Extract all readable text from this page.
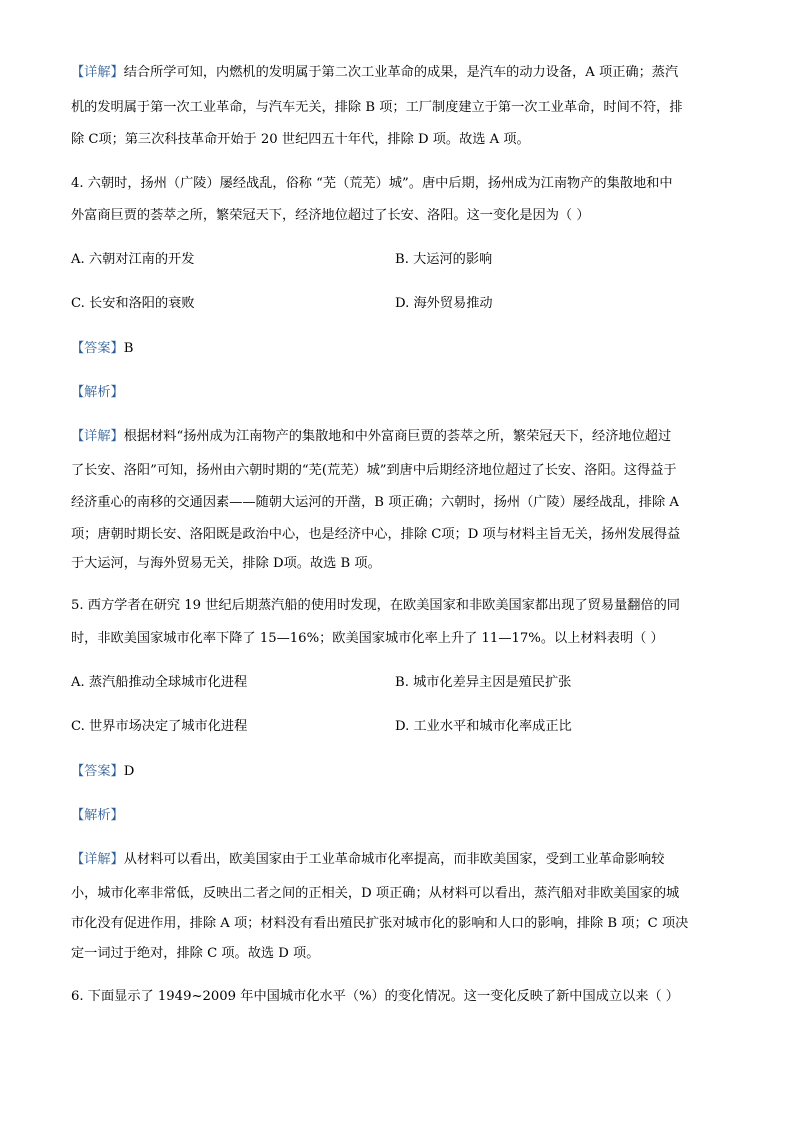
【详解】结合所学可知，内燃机的发明属于第二次工业革命的成果，是汽车的动力设备，A 项正确；蒸汽
机的发明属于第一次工业革命，与汽车无关，排除 B 项；工厂制度建立于第一次工业革命，时间不符，排
除 C项；第三次科技革命开始于 20 世纪四五十年代，排除 D 项。故选 A 项。
4. 六朝时，扬州（广陵）屡经战乱，俗称 “芜（荒芜）城”。唐中后期，扬州成为江南物产的集散地和中
外富商巨贾的荟萃之所，繁荣冠天下，经济地位超过了长安、洛阳。这一变化是因为（ ）
A. 六朝对江南的开发	B. 大运河的影响
C. 长安和洛阳的衰败	D. 海外贸易推动
【答案】B
【解析】
【详解】根据材料“扬州成为江南物产的集散地和中外富商巨贾的荟萃之所，繁荣冠天下，经济地位超过
了长安、洛阳”可知，扬州由六朝时期的“芜(荒芜）城”到唐中后期经济地位超过了长安、洛阳。这得益于
经济重心的南移的交通因素——随朝大运河的开凿，B 项正确；六朝时，扬州（广陵）屡经战乱，排除 A
项；唐朝时期长安、洛阳既是政治中心，也是经济中心，排除 C项；D 项与材料主旨无关，扬州发展得益
于大运河，与海外贸易无关，排除 D项。故选 B 项。
5. 西方学者在研究 19 世纪后期蒸汽船的使用时发现，在欧美国家和非欧美国家都出现了贸易量翻倍的同
时，非欧美国家城市化率下降了 15—16%；欧美国家城市化率上升了 11—17%。以上材料表明（ ）
A. 蒸汽船推动全球城市化进程	B. 城市化差异主因是殖民扩张
C. 世界市场决定了城市化进程	D. 工业水平和城市化率成正比
【答案】D
【解析】
【详解】从材料可以看出，欧美国家由于工业革命城市化率提高，而非欧美国家，受到工业革命影响较
小，城市化率非常低，反映出二者之间的正相关，D 项正确；从材料可以看出，蒸汽船对非欧美国家的城
市化没有促进作用，排除 A 项；材料没有看出殖民扩张对城市化的影响和人口的影响，排除 B 项；C 项决
定一词过于绝对，排除 C 项。故选 D 项。
6. 下面显示了 1949~2009 年中国城市化水平（%）的变化情况。这一变化反映了新中国成立以来（ ）
